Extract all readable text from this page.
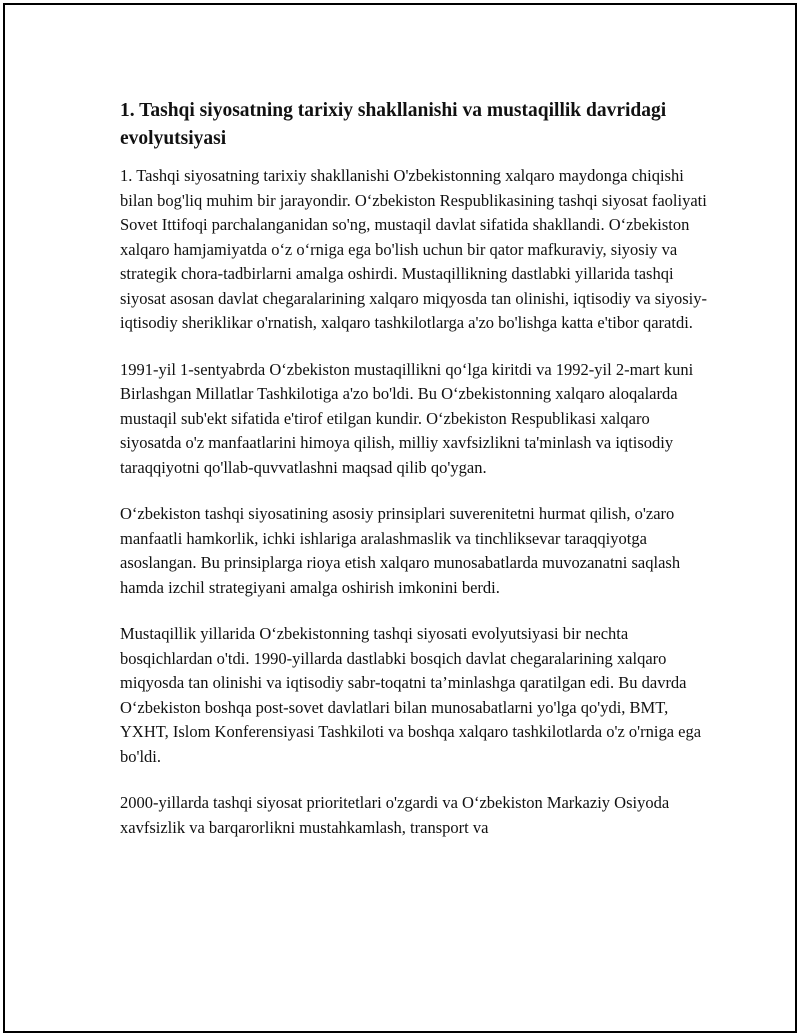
1. Tashqi siyosatning tarixiy shakllanishi va mustaqillik davridagi evolyutsiyasi

1. Tashqi siyosatning tarixiy shakllanishi O'zbekistonning xalqaro maydonga chiqishi bilan bog'liq muhim bir jarayondir. O‘zbekiston Respublikasining tashqi siyosat faoliyati Sovet Ittifoqi parchalanganidan so'ng, mustaqil davlat sifatida shakllandi. O‘zbekiston xalqaro hamjamiyatda o‘z o‘rniga ega bo'lish uchun bir qator mafkuraviy, siyosiy va strategik chora-tadbirlarni amalga oshirdi. Mustaqillikning dastlabki yillarida tashqi siyosat asosan davlat chegaralarining xalqaro miqyosda tan olinishi, iqtisodiy va siyosiy-iqtisodiy sheriklikar o'rnatish, xalqaro tashkilotlarga a'zo bo'lishga katta e'tibor qaratdi.

1991-yil 1-sentyabrda O‘zbekiston mustaqillikni qo‘lga kiritdi va 1992-yil 2-mart kuni Birlashgan Millatlar Tashkilotiga a'zo bo'ldi. Bu O‘zbekistonning xalqaro aloqalarda mustaqil sub'ekt sifatida e'tirof etilgan kundir. O‘zbekiston Respublikasi xalqaro siyosatda o'z manfaatlarini himoya qilish, milliy xavfsizlikni ta'minlash va iqtisodiy taraqqiyotni qo'llab-quvvatlashni maqsad qilib qo'ygan.

O‘zbekiston tashqi siyosatining asosiy prinsiplari suverenitetni hurmat qilish, o'zaro manfaatli hamkorlik, ichki ishlariga aralashmaslik va tinchliksevar taraqqiyotga asoslangan. Bu prinsiplarga rioya etish xalqaro munosabatlarda muvozanatni saqlash hamda izchil strategiyani amalga oshirish imkonini berdi.

Mustaqillik yillarida O‘zbekistonning tashqi siyosati evolyutsiyasi bir nechta bosqichlardan o'tdi. 1990-yillarda dastlabki bosqich davlat chegaralarining xalqaro miqyosda tan olinishi va iqtisodiy sabr-toqatni ta’minlashga qaratilgan edi. Bu davrda O‘zbekiston boshqa post-sovet davlatlari bilan munosabatlarni yo'lga qo'ydi, BMT, YXHT, Islom Konferensiyasi Tashkiloti va boshqa xalqaro tashkilotlarda o'z o'rniga ega bo'ldi.

2000-yillarda tashqi siyosat prioritetlari o'zgardi va O‘zbekiston Markaziy Osiyoda xavfsizlik va barqarorlikni mustahkamlash, transport va
